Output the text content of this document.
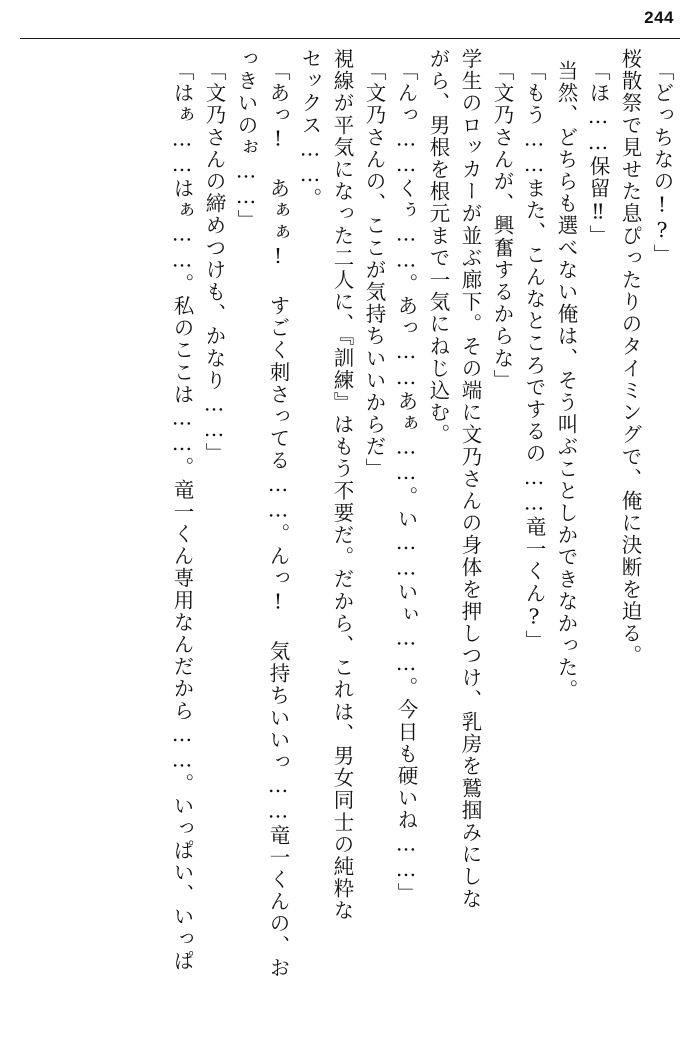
244
「どっちなの!?」
桜散祭で見せた息ぴったりのタイミングで、俺に決断を迫る。
「ほ……保留‼」
当然、どちらも選べない俺は、そう叫ぶことしかできなかった。
「もう……また、こんなところでするの……竜一くん?」
「文乃さんが、興奮するからな」
学生のロッカーが並ぶ廊下。その端に文乃さんの身体を押しつけ、乳房を鷲掴みにしな
がら、男根を根元まで一気にねじ込む。
「んっ……くぅ……。あっ……あぁ……。い……いぃ……。今日も硬いね……」
「文乃さんの、ここが気持ちいいからだ」
視線が平気になった二人に、『訓練』はもう不要だ。だから、これは、男女同士の純粋な
セックス……。
「あっ! あぁぁ! すごく刺さってる……。んっ! 気持ちいいっ……竜一くんの、お
っきいのぉ……」
「文乃さんの締めつけも、かなり……」
「はぁ……はぁ……。私のここは……。竜一くん専用なんだから……。いっぱい、いっぱ
